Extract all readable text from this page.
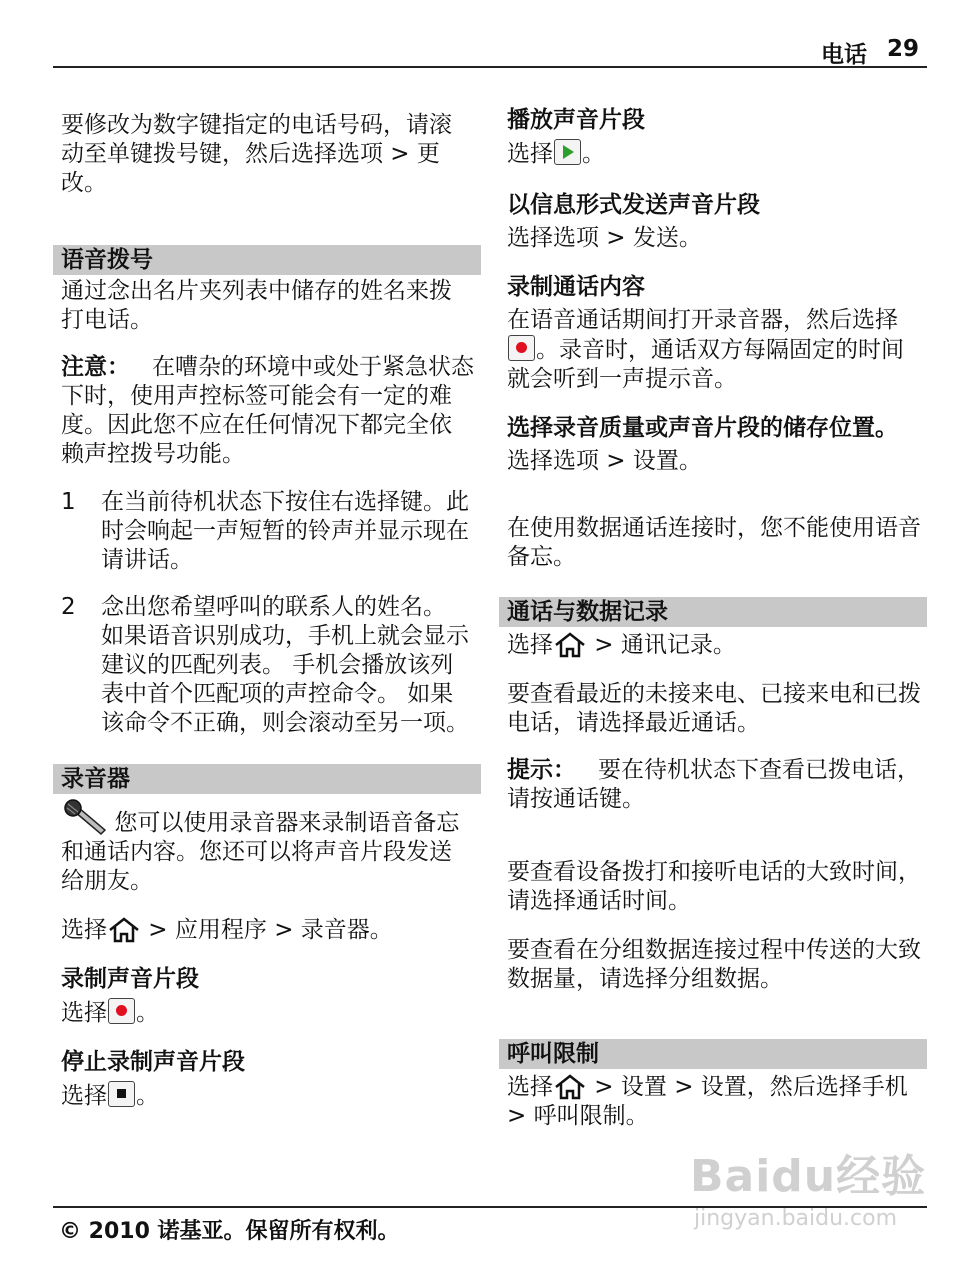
电话 29

要修改为数字键指定的电话号码，请滚动至单键拨号键，然后选择选项 > 更改。

语音拨号

通过念出名片夹列表中储存的姓名来拨打电话。

注意： 在嘈杂的环境中或处于紧急状态下时，使用声控标签可能会有一定的难度。因此您不应在任何情况下都完全依赖声控拨号功能。

1	在当前待机状态下按住右选择键。此时会响起一声短暂的铃声并显示现在请讲话。
2	念出您希望呼叫的联系人的姓名。 如果语音识别成功，手机上就会显示建议的匹配列表。 手机会播放该列表中首个匹配项的声控命令。 如果该命令不正确，则会滚动至另一项。
录音器

您可以使用录音器来录制语音备忘和通话内容。您还可以将声音片段发送给朋友。

选择 > 应用程序 > 录音器。

录制声音片段

选择 。

停止录制声音片段

选择 。

播放声音片段

选择 。

以信息形式发送声音片段

选择选项 > 发送。

录制通话内容

在语音通话期间打开录音器，然后选择。录音时，通话双方每隔固定的时间就会听到一声提示音。

选择录音质量或声音片段的储存位置。

选择选项 > 设置。

在使用数据通话连接时，您不能使用语音备忘。

通话与数据记录

选择 > 通讯记录。

要查看最近的未接来电、已接来电和已拨电话，请选择最近通话。

提示： 要在待机状态下查看已拨电话，请按通话键。

要查看设备拨打和接听电话的大致时间，请选择通话时间。

要查看在分组数据连接过程中传送的大致数据量，请选择分组数据。

呼叫限制

选择 > 设置 > 设置，然后选择手机 > 呼叫限制。

Baidu经验
jingyan.baidu.com
© 2010 诺基亚。保留所有权利。
